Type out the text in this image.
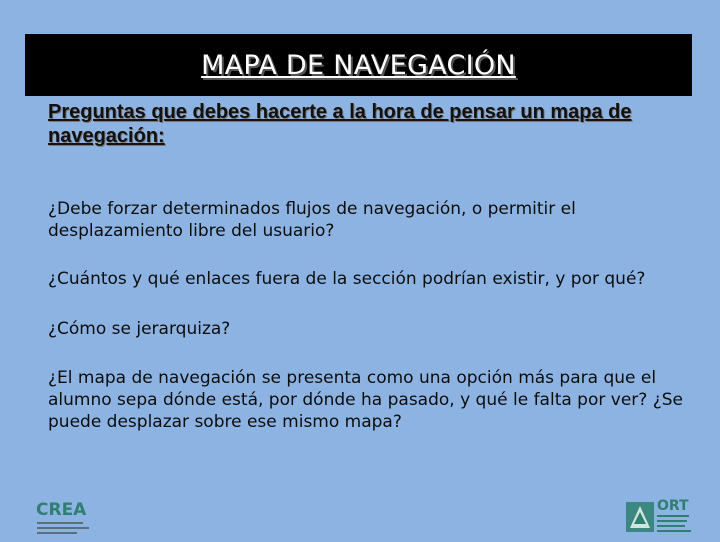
MAPA DE NAVEGACIÓN
Preguntas que debes hacerte a la hora de pensar un mapa de navegación:
¿Debe forzar determinados flujos de navegación, o permitir el desplazamiento libre del usuario?
¿Cuántos y qué enlaces fuera de la sección podrían existir, y por qué?
¿Cómo se jerarquiza?
¿El mapa de navegación se presenta como una opción más para que el alumno sepa dónde está, por dónde ha pasado, y qué le falta por ver? ¿Se puede desplazar sobre ese mismo mapa?
CREA	ORT
